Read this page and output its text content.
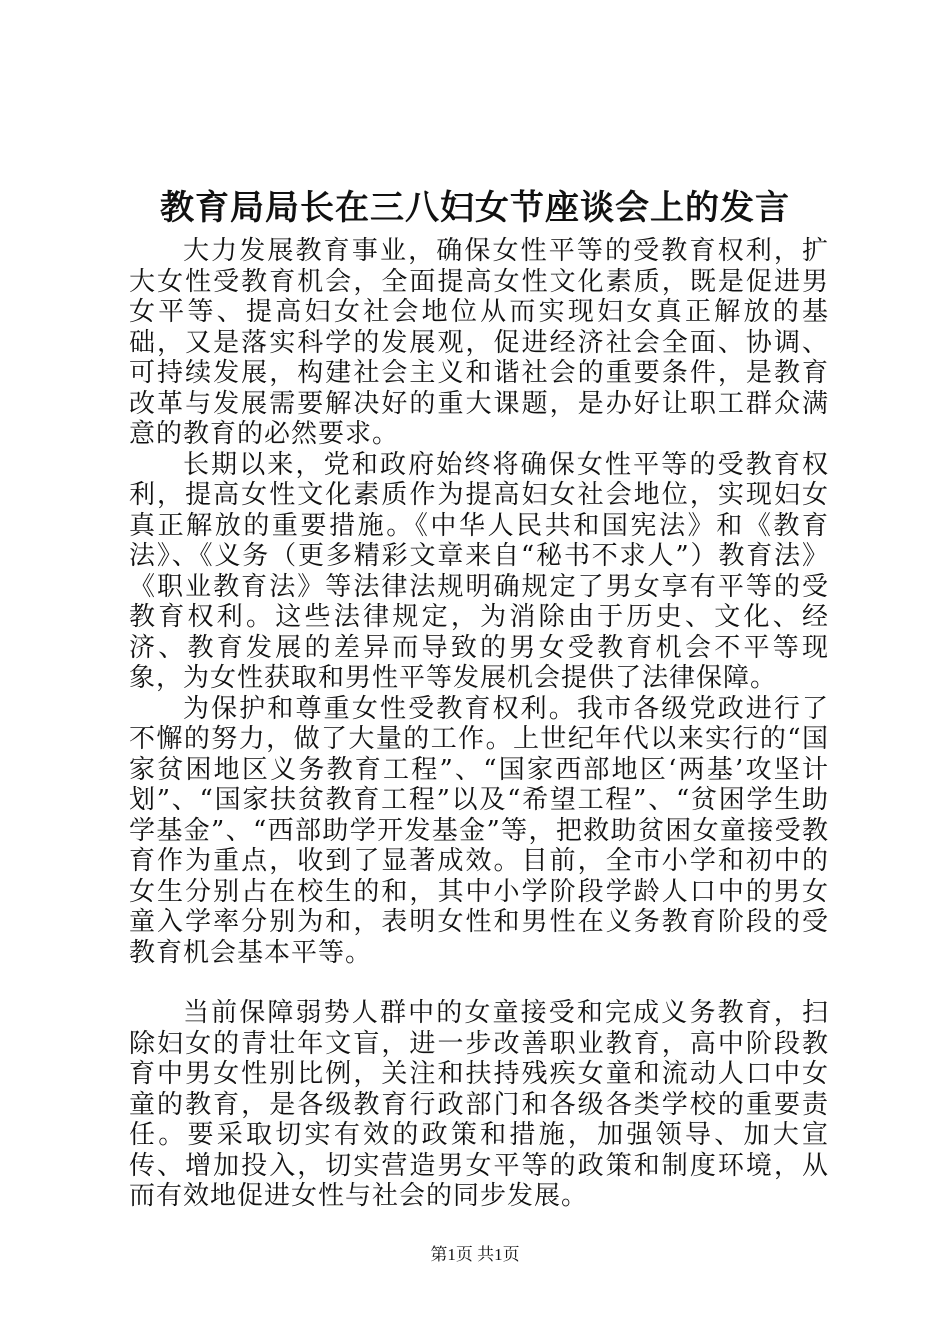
教育局局长在三八妇女节座谈会上的发言

大力发展教育事业，确保女性平等的受教育权利，扩大女性受教育机会，全面提高女性文化素质，既是促进男女平等、提高妇女社会地位从而实现妇女真正解放的基础，又是落实科学的发展观，促进经济社会全面、协调、可持续发展，构建社会主义和谐社会的重要条件，是教育改革与发展需要解决好的重大课题，是办好让职工群众满意的教育的必然要求。

长期以来，党和政府始终将确保女性平等的受教育权利，提高女性文化素质作为提高妇女社会地位，实现妇女真正解放的重要措施。《中华人民共和国宪法》和《教育法》、《义务（更多精彩文章来自“秘书不求人”）教育法》《职业教育法》等法律法规明确规定了男女享有平等的受教育权利。这些法律规定，为消除由于历史、文化、经济、教育发展的差异而导致的男女受教育机会不平等现象，为女性获取和男性平等发展机会提供了法律保障。

为保护和尊重女性受教育权利。我市各级党政进行了不懈的努力，做了大量的工作。上世纪年代以来实行的“国家贫困地区义务教育工程”、“国家西部地区‘两基’攻坚计划”、“国家扶贫教育工程”以及“希望工程”、“贫困学生助学基金”、“西部助学开发基金”等，把救助贫困女童接受教育作为重点，收到了显著成效。目前，全市小学和初中的女生分别占在校生的和，其中小学阶段学龄人口中的男女童入学率分别为和，表明女性和男性在义务教育阶段的受教育机会基本平等。

当前保障弱势人群中的女童接受和完成义务教育，扫除妇女的青壮年文盲，进一步改善职业教育，高中阶段教育中男女性别比例，关注和扶持残疾女童和流动人口中女童的教育，是各级教育行政部门和各级各类学校的重要责任。要采取切实有效的政策和措施，加强领导、加大宣传、增加投入，切实营造男女平等的政策和制度环境，从而有效地促进女性与社会的同步发展。

第1页 共1页
